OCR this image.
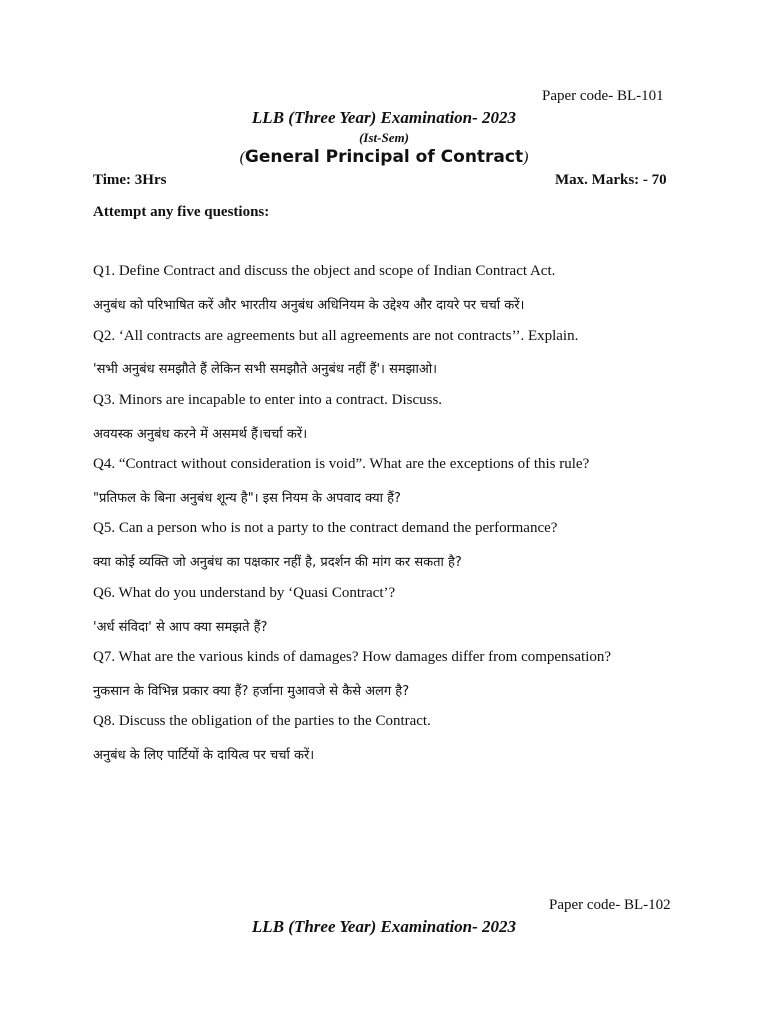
Paper code- BL-101
LLB (Three Year) Examination- 2023
(Ist-Sem)
(General Principal of Contract)
Time: 3Hrs	Max. Marks: - 70
Attempt any five questions:
Q1. Define Contract and discuss the object and scope of Indian Contract Act.
अनुबंध को परिभाषित करें और भारतीय अनुबंध अधिनियम के उद्देश्य और दायरे पर चर्चा करें।
Q2. ‘All contracts are agreements but all agreements are not contracts’’. Explain.
'सभी अनुबंध समझौते हैं लेकिन सभी समझौते अनुबंध नहीं हैं'। समझाओ।
Q3. Minors are incapable to enter into a contract. Discuss.
अवयस्क अनुबंध करने में असमर्थ हैं।चर्चा करें।
Q4. “Contract without consideration is void”. What are the exceptions of this rule?
"प्रतिफल के बिना अनुबंध शून्य है"। इस नियम के अपवाद क्या हैं?
Q5. Can a person who is not a party to the contract demand the performance?
क्या कोई व्यक्ति जो अनुबंध का पक्षकार नहीं है, प्रदर्शन की मांग कर सकता है?
Q6. What do you understand by ‘Quasi Contract’?
'अर्ध संविदा' से आप क्या समझते हैं?
Q7. What are the various kinds of damages? How damages differ from compensation?
नुकसान के विभिन्न प्रकार क्या हैं? हर्जाना मुआवजे से कैसे अलग है?
Q8. Discuss the obligation of the parties to the Contract.
अनुबंध के लिए पार्टियों के दायित्व पर चर्चा करें।
Paper code- BL-102
LLB (Three Year) Examination- 2023
